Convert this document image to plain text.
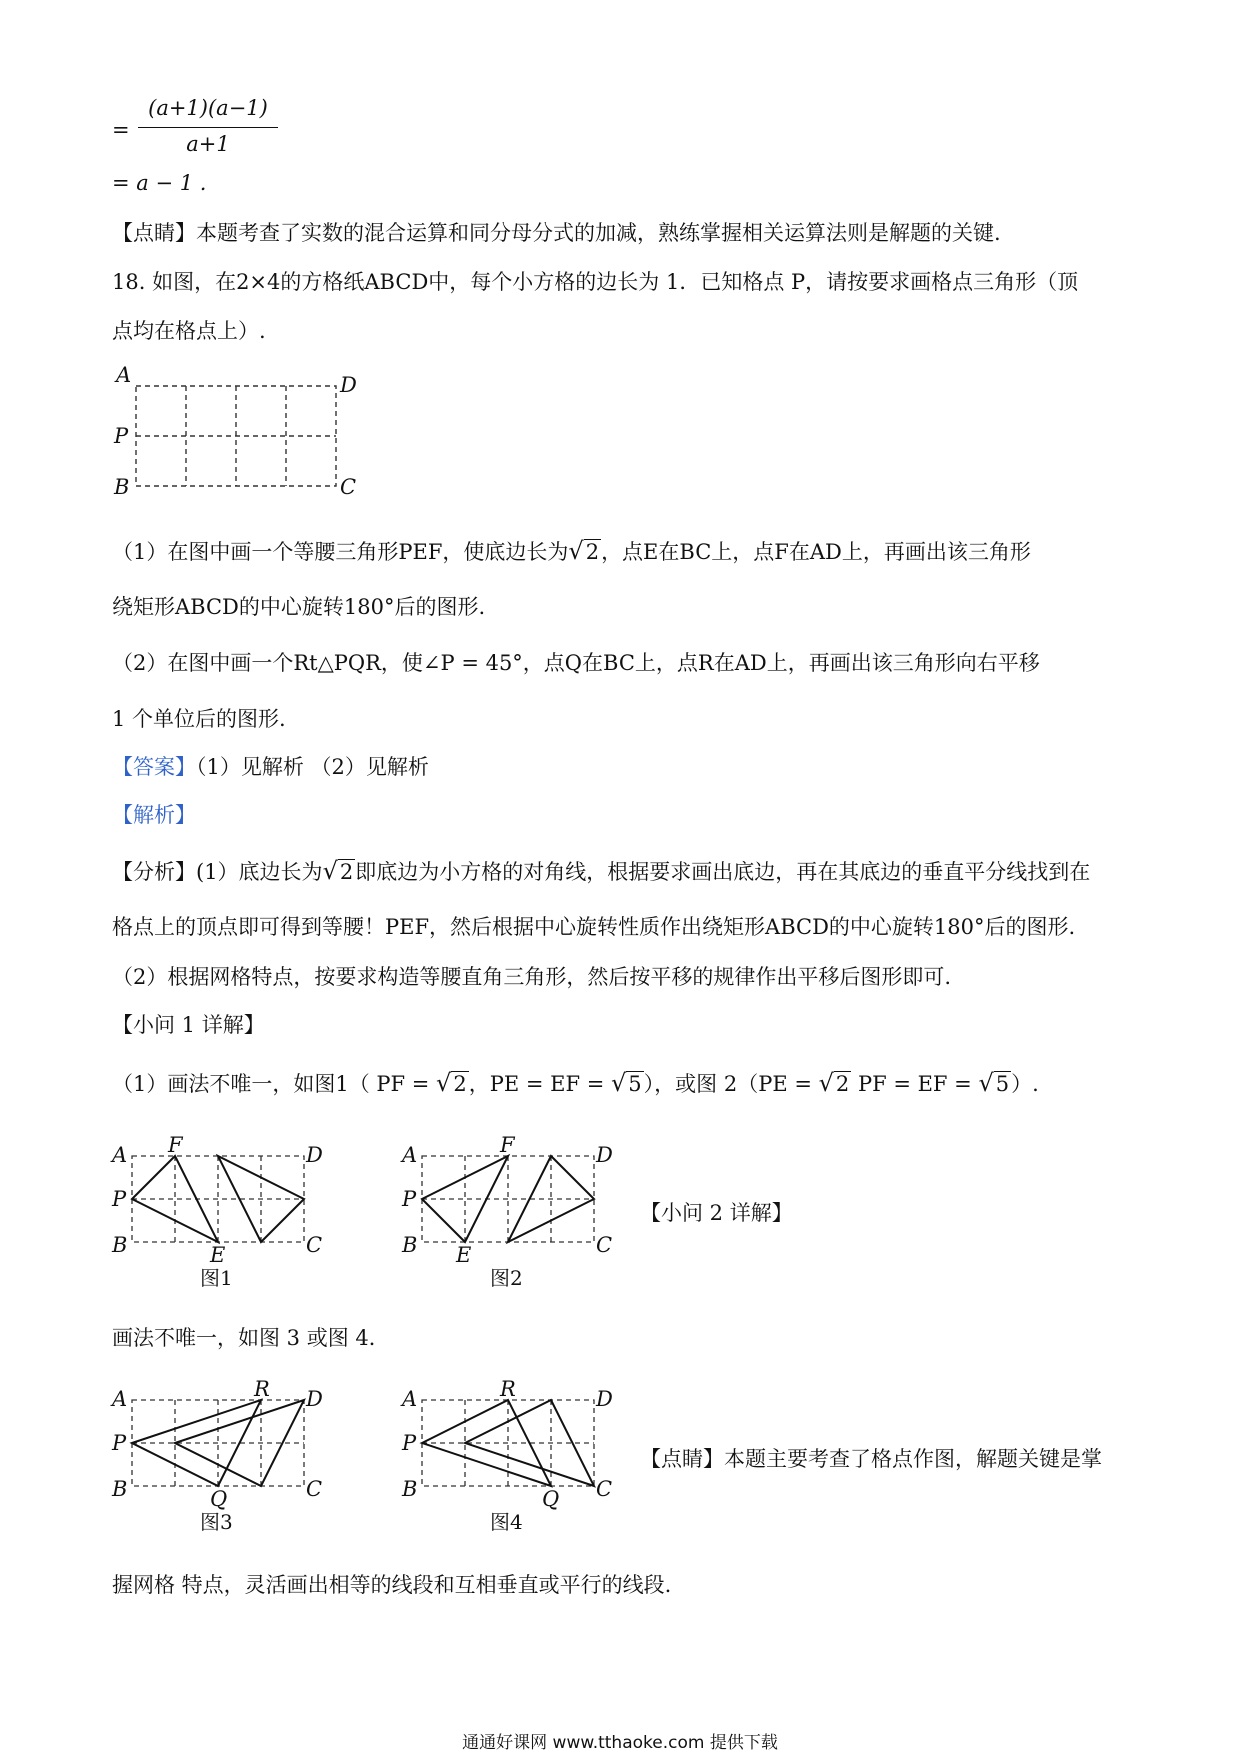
=
(a+1)(a−1)
a+1
= a − 1 .
【点睛】本题考查了实数的混合运算和同分母分式的加减，熟练掌握相关运算法则是解题的关键.
18. 如图，在2×4的方格纸ABCD中，每个小方格的边长为 1．已知格点 P，请按要求画格点三角形（顶
点均在格点上）.
A	D
P
B	C
（1）在图中画一个等腰三角形PEF，使底边长为√2，点E在BC上，点F在AD上，再画出该三角形
绕矩形ABCD的中心旋转180°后的图形.
（2）在图中画一个Rt△PQR，使∠P = 45°，点Q在BC上，点R在AD上，再画出该三角形向右平移
1 个单位后的图形.
【答案】（1）见解析 （2）见解析
【解析】
【分析】(1）底边长为√2即底边为小方格的对角线，根据要求画出底边，再在其底边的垂直平分线找到在
格点上的顶点即可得到等腰！PEF，然后根据中心旋转性质作出绕矩形ABCD的中心旋转180°后的图形.
（2）根据网格特点，按要求构造等腰直角三角形，然后按平移的规律作出平移后图形即可.
【小问 1 详解】
（1）画法不唯一，如图1（ PF = √2，PE = EF = √5），或图 2（PE = √2 PF = EF = √5）.
A F	D
P
B	E	C
图1
A	F	D
P
B E	C
图2
【小问 2 详解】
画法不唯一，如图 3 或图 4．
A	R D
P
B	Q	C
图3
A	R	D
P
B	Q C
图4
【点睛】本题主要考查了格点作图，解题关键是掌
握网格 特点，灵活画出相等的线段和互相垂直或平行的线段.
通通好课网 www.tthaoke.com 提供下载
